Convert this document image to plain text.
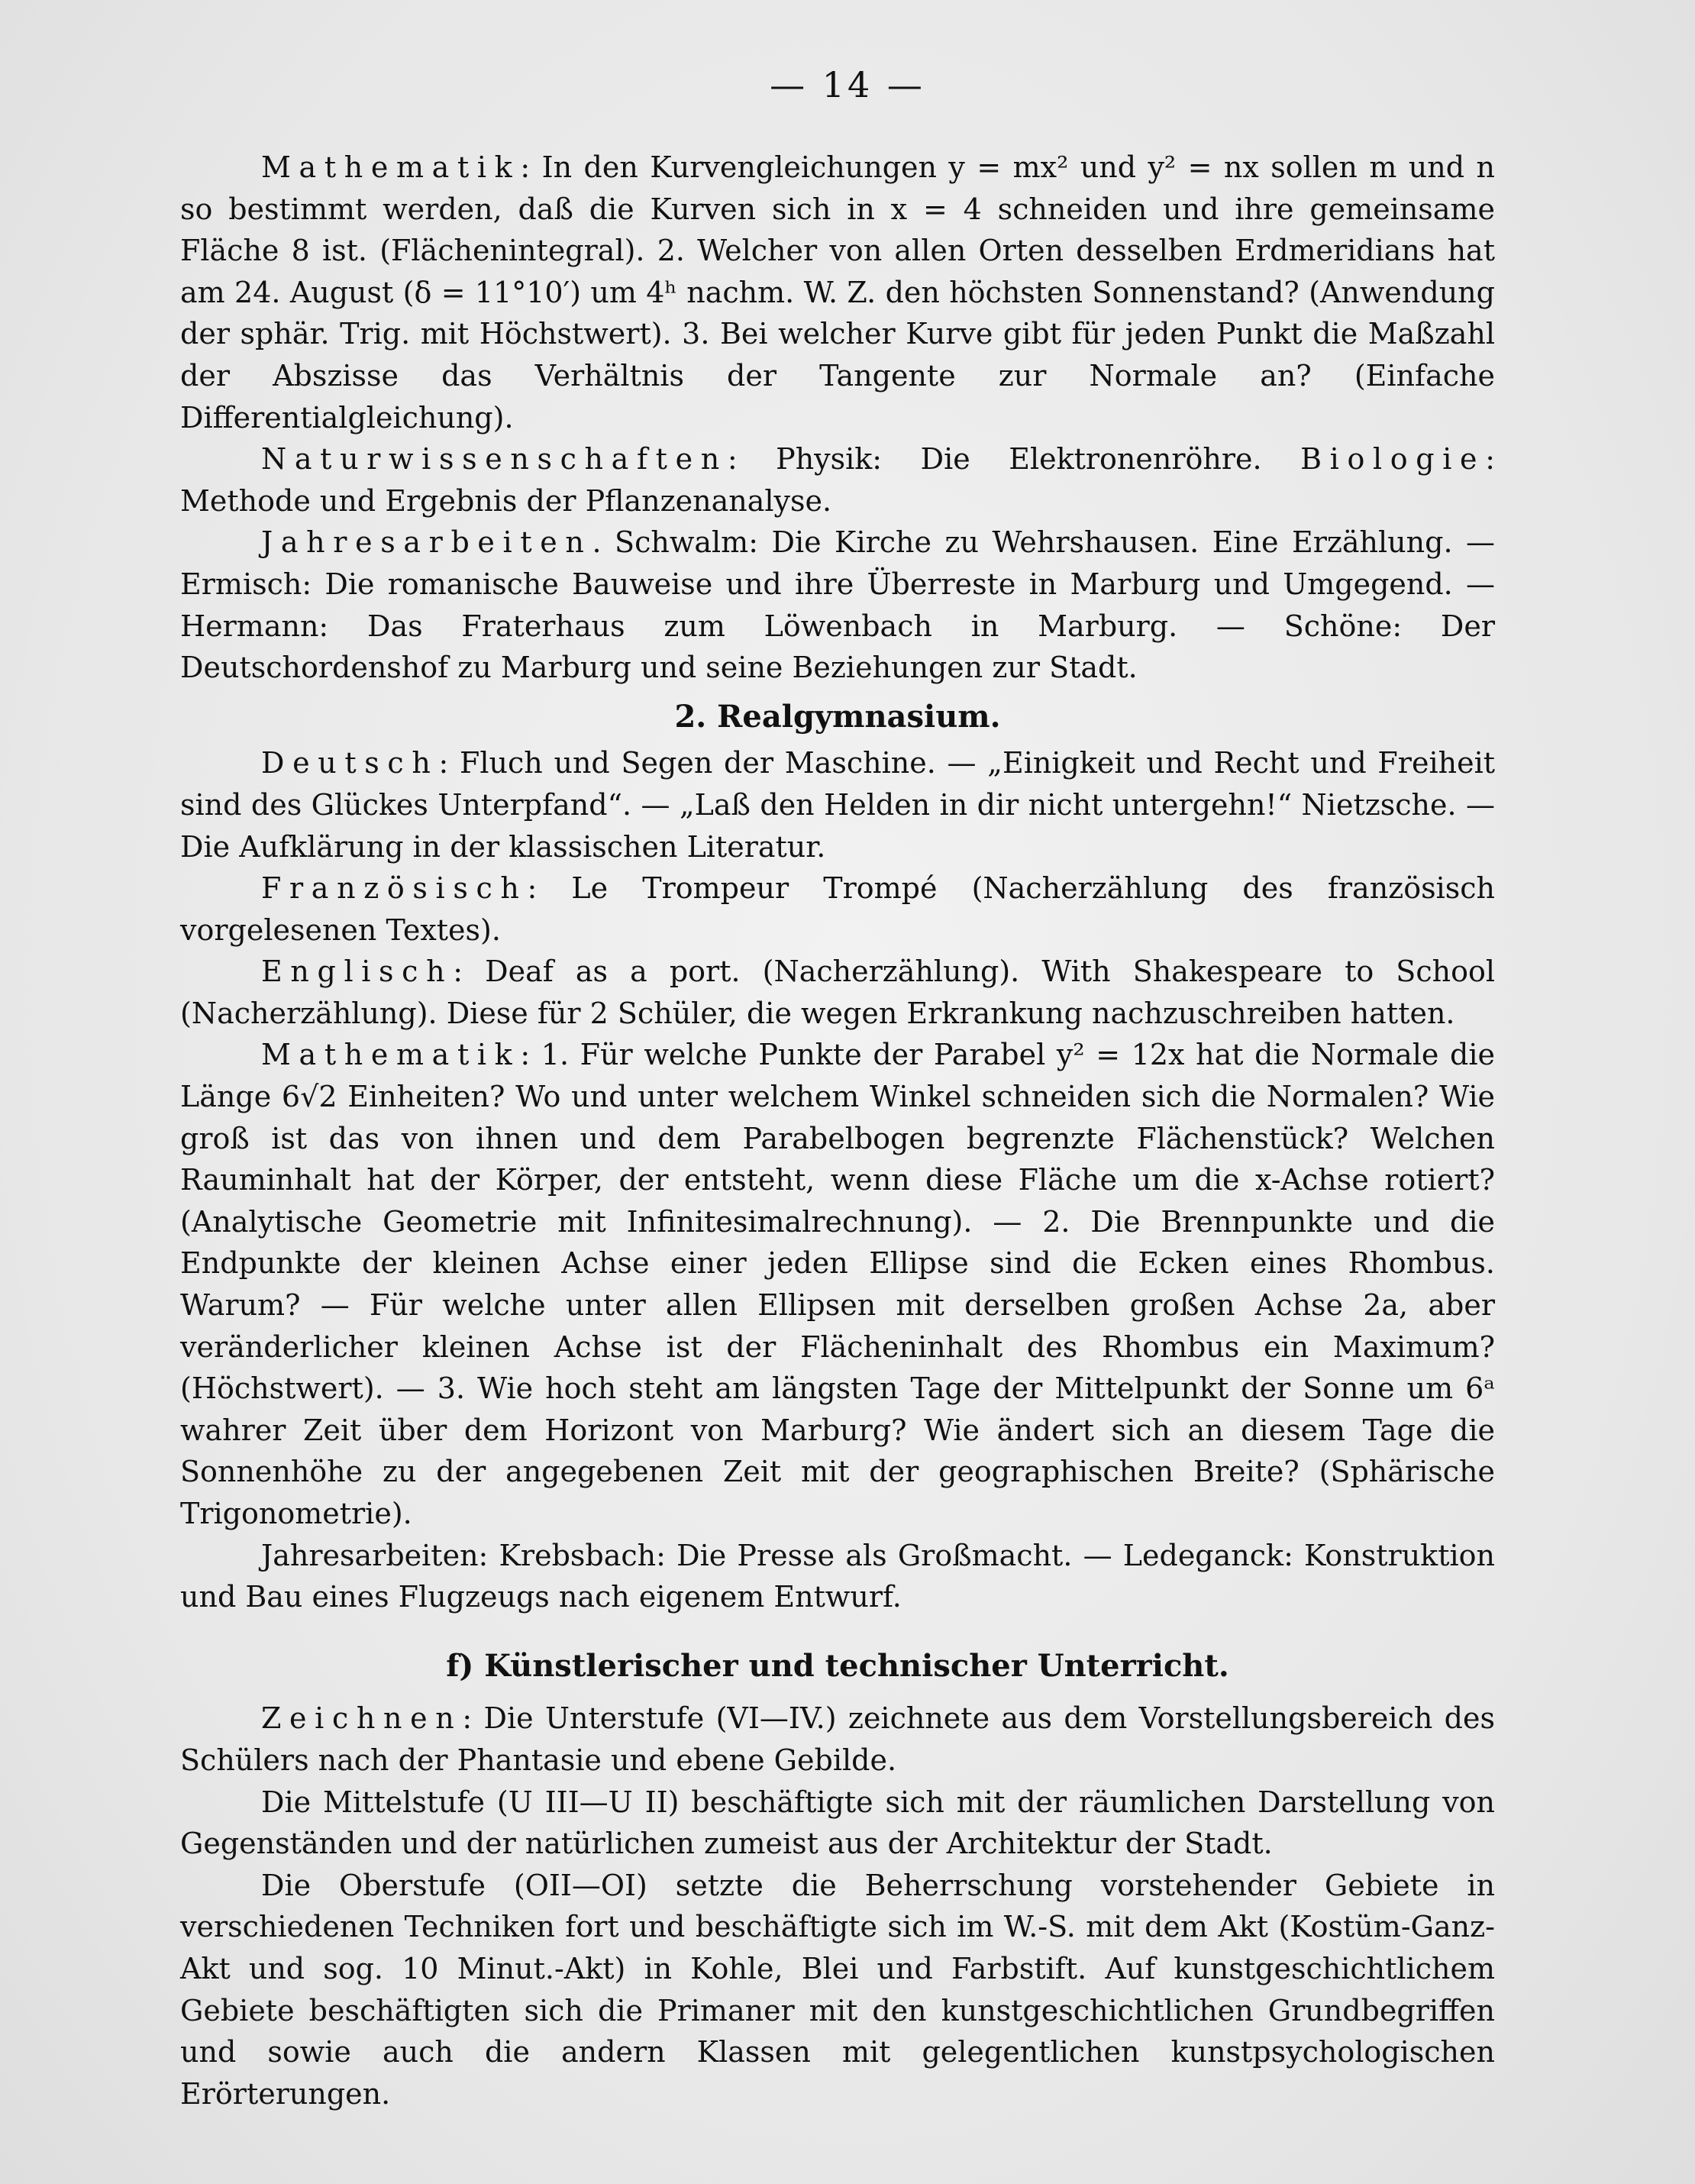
— 14 —

Mathematik: In den Kurvengleichungen y = mx² und y² = nx sollen m und n so bestimmt werden, daß die Kurven sich in x = 4 schneiden und ihre gemeinsame Fläche 8 ist. (Flächenintegral). 2. Welcher von allen Orten desselben Erdmeridians hat am 24. August (δ = 11°10′) um 4ʰ nachm. W. Z. den höchsten Sonnenstand? (Anwendung der sphär. Trig. mit Höchstwert). 3. Bei welcher Kurve gibt für jeden Punkt die Maßzahl der Abszisse das Verhältnis der Tangente zur Normale an? (Einfache Differentialgleichung).

Naturwissenschaften: Physik: Die Elektronenröhre. Biologie: Methode und Ergebnis der Pflanzenanalyse.

Jahresarbeiten. Schwalm: Die Kirche zu Wehrshausen. Eine Erzählung. — Ermisch: Die romanische Bauweise und ihre Überreste in Marburg und Umgegend. — Hermann: Das Fraterhaus zum Löwenbach in Marburg. — Schöne: Der Deutschordenshof zu Marburg und seine Beziehungen zur Stadt.

2. Realgymnasium.

Deutsch: Fluch und Segen der Maschine. — „Einigkeit und Recht und Freiheit sind des Glückes Unterpfand“. — „Laß den Helden in dir nicht untergehn!“ Nietzsche. — Die Aufklärung in der klassischen Literatur.

Französisch: Le Trompeur Trompé (Nacherzählung des französisch vorgelesenen Textes).

Englisch: Deaf as a port. (Nacherzählung). With Shakespeare to School (Nacherzählung). Diese für 2 Schüler, die wegen Erkrankung nachzuschreiben hatten.

Mathematik: 1. Für welche Punkte der Parabel y² = 12x hat die Normale die Länge 6√2 Einheiten? Wo und unter welchem Winkel schneiden sich die Normalen? Wie groß ist das von ihnen und dem Parabelbogen begrenzte Flächenstück? Welchen Rauminhalt hat der Körper, der entsteht, wenn diese Fläche um die x-Achse rotiert? (Analytische Geometrie mit Infinitesimalrechnung). — 2. Die Brennpunkte und die Endpunkte der kleinen Achse einer jeden Ellipse sind die Ecken eines Rhombus. Warum? — Für welche unter allen Ellipsen mit derselben großen Achse 2a, aber veränderlicher kleinen Achse ist der Flächeninhalt des Rhombus ein Maximum? (Höchstwert). — 3. Wie hoch steht am längsten Tage der Mittelpunkt der Sonne um 6ᵃ wahrer Zeit über dem Horizont von Marburg? Wie ändert sich an diesem Tage die Sonnenhöhe zu der angegebenen Zeit mit der geographischen Breite? (Sphärische Trigonometrie).

Jahresarbeiten: Krebsbach: Die Presse als Großmacht. — Ledeganck: Konstruktion und Bau eines Flugzeugs nach eigenem Entwurf.

f) Künstlerischer und technischer Unterricht.

Zeichnen: Die Unterstufe (VI—IV.) zeichnete aus dem Vorstellungsbereich des Schülers nach der Phantasie und ebene Gebilde.

Die Mittelstufe (U III—U II) beschäftigte sich mit der räumlichen Darstellung von Gegenständen und der natürlichen zumeist aus der Architektur der Stadt.

Die Oberstufe (OII—OI) setzte die Beherrschung vorstehender Gebiete in verschiedenen Techniken fort und beschäftigte sich im W.-S. mit dem Akt (Kostüm-Ganz-Akt und sog. 10 Minut.-Akt) in Kohle, Blei und Farbstift. Auf kunstgeschichtlichem Gebiete beschäftigten sich die Primaner mit den kunstgeschichtlichen Grundbegriffen und sowie auch die andern Klassen mit gelegentlichen kunstpsychologischen Erörterungen.
